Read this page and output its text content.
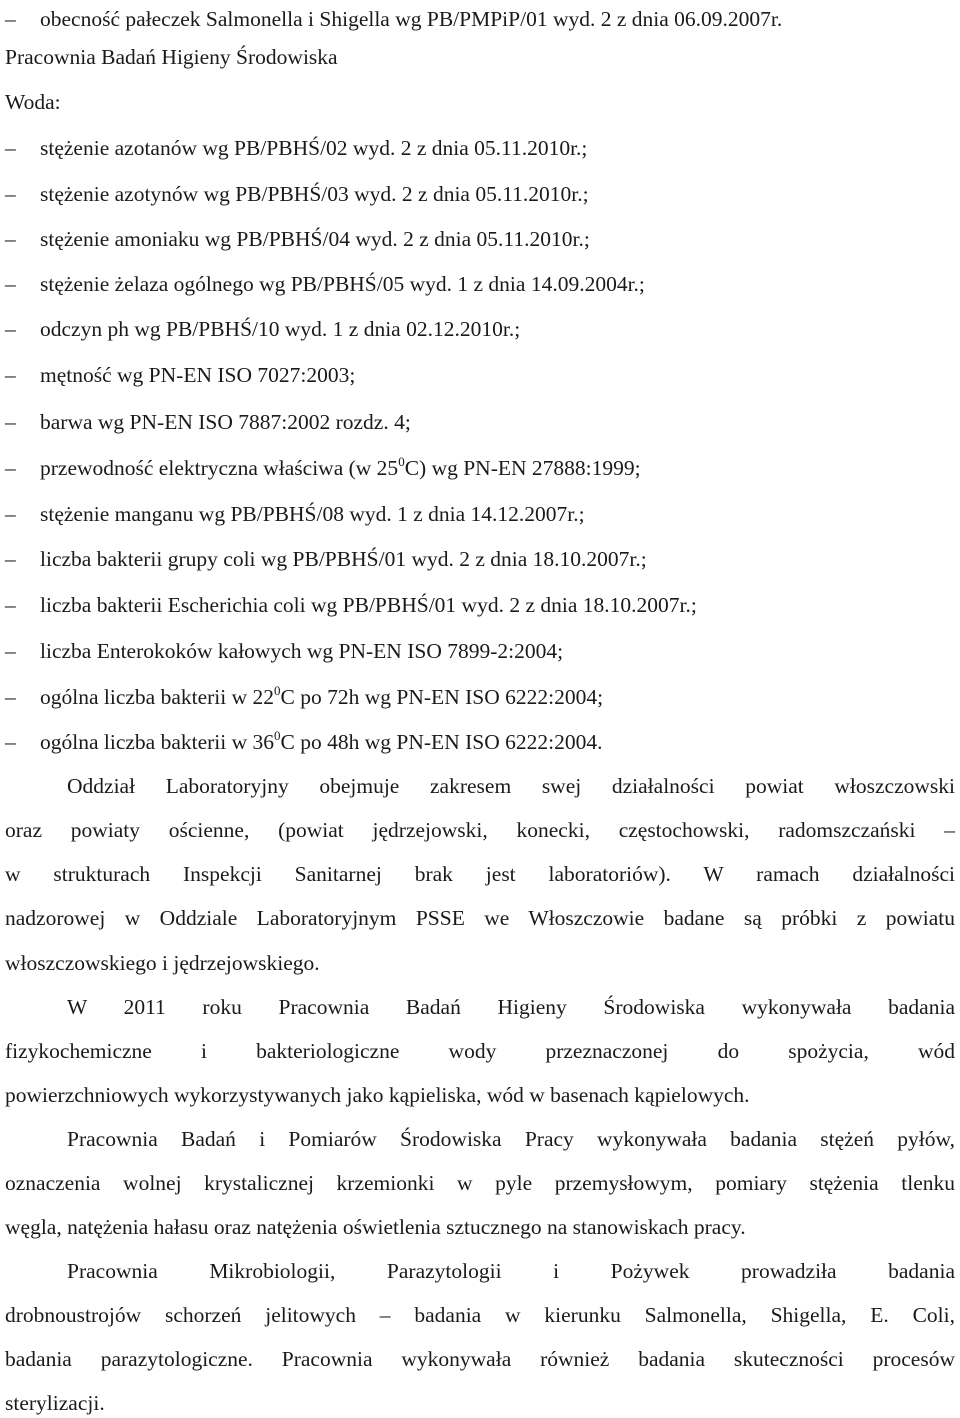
– obecność pałeczek Salmonella i Shigella wg PB/PMPiP/01 wyd. 2 z dnia 06.09.2007r.
Pracownia Badań Higieny Środowiska
Woda:
– stężenie azotanów wg PB/PBHŚ/02 wyd. 2 z dnia 05.11.2010r.;
– stężenie azotynów wg PB/PBHŚ/03 wyd. 2 z dnia 05.11.2010r.;
– stężenie amoniaku wg PB/PBHŚ/04 wyd. 2 z dnia 05.11.2010r.;
– stężenie żelaza ogólnego wg PB/PBHŚ/05 wyd. 1 z dnia 14.09.2004r.;
– odczyn ph wg PB/PBHŚ/10 wyd. 1 z dnia 02.12.2010r.;
– mętność wg PN-EN ISO 7027:2003;
– barwa wg PN-EN ISO 7887:2002 rozdz. 4;
– przewodność elektryczna właściwa (w $25^0C$) wg PN-EN 27888:1999;
– stężenie manganu wg PB/PBHŚ/08 wyd. 1 z dnia 14.12.2007r.;
– liczba bakterii grupy coli wg PB/PBHŚ/01 wyd. 2 z dnia 18.10.2007r.;
– liczba bakterii Escherichia coli wg PB/PBHŚ/01 wyd. 2 z dnia 18.10.2007r.;
– liczba Enterokoków kałowych wg PN-EN ISO 7899-2:2004;
– ogólna liczba bakterii w $22^0C$ po 72h wg PN-EN ISO 6222:2004;
– ogólna liczba bakterii w $36^0C$ po 48h wg PN-EN ISO 6222:2004.
Oddział Laboratoryjny obejmuje zakresem swej działalności powiat włoszczowski
oraz powiaty ościenne, (powiat jędrzejowski, konecki, częstochowski, radomszczański –
w strukturach Inspekcji Sanitarnej brak jest laboratoriów). W ramach działalności
nadzorowej w Oddziale Laboratoryjnym PSSE we Włoszczowie badane są próbki z powiatu
włoszczowskiego i jędrzejowskiego.
W 2011 roku Pracownia Badań Higieny Środowiska wykonywała badania
fizykochemiczne i bakteriologiczne wody przeznaczonej do spożycia, wód
powierzchniowych wykorzystywanych jako kąpieliska, wód w basenach kąpielowych.
Pracownia Badań i Pomiarów Środowiska Pracy wykonywała badania stężeń pyłów,
oznaczenia wolnej krystalicznej krzemionki w pyle przemysłowym, pomiary stężenia tlenku
węgla, natężenia hałasu oraz natężenia oświetlenia sztucznego na stanowiskach pracy.
Pracownia Mikrobiologii, Parazytologii i Pożywek prowadziła badania
drobnoustrojów schorzeń jelitowych – badania w kierunku Salmonella, Shigella, E. Coli,
badania parazytologiczne. Pracownia wykonywała również badania skuteczności procesów
sterylizacji.
